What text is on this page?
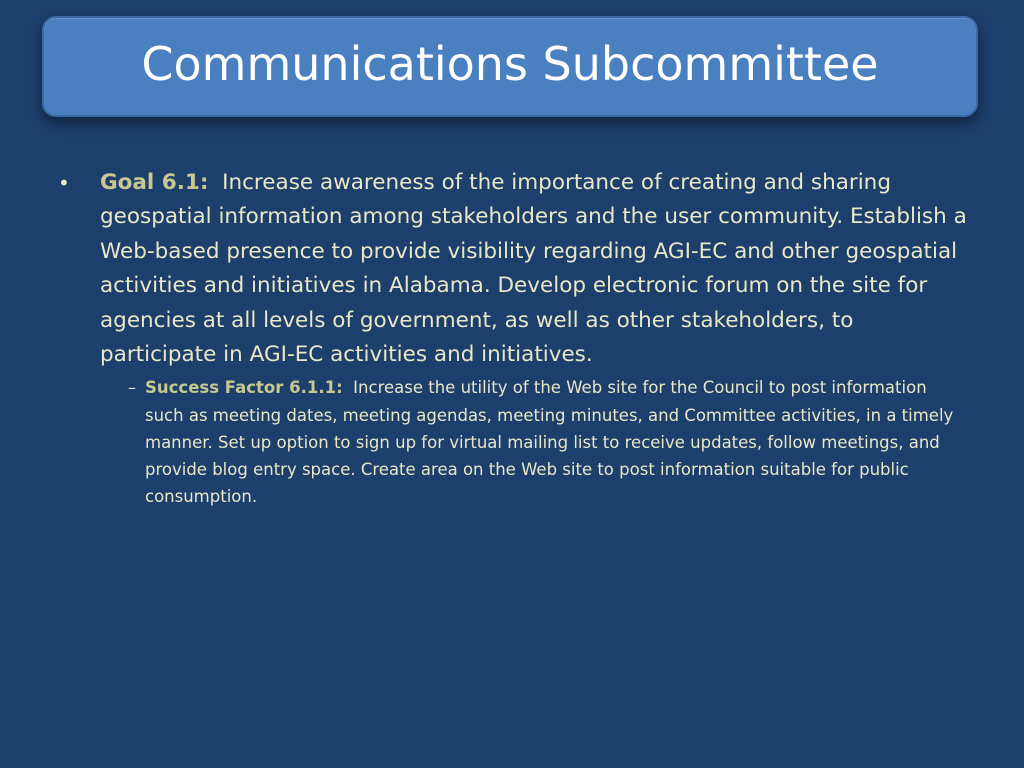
Communications Subcommittee
•	Goal 6.1: Increase awareness of the importance of creating and sharing geospatial information among stakeholders and the user community. Establish a Web-based presence to provide visibility regarding AGI-EC and other geospatial activities and initiatives in Alabama. Develop electronic forum on the site for agencies at all levels of government, as well as other stakeholders, to participate in AGI-EC activities and initiatives.
– Success Factor 6.1.1: Increase the utility of the Web site for the Council to post information such as meeting dates, meeting agendas, meeting minutes, and Committee activities, in a timely manner. Set up option to sign up for virtual mailing list to receive updates, follow meetings, and provide blog entry space. Create area on the Web site to post information suitable for public consumption.
